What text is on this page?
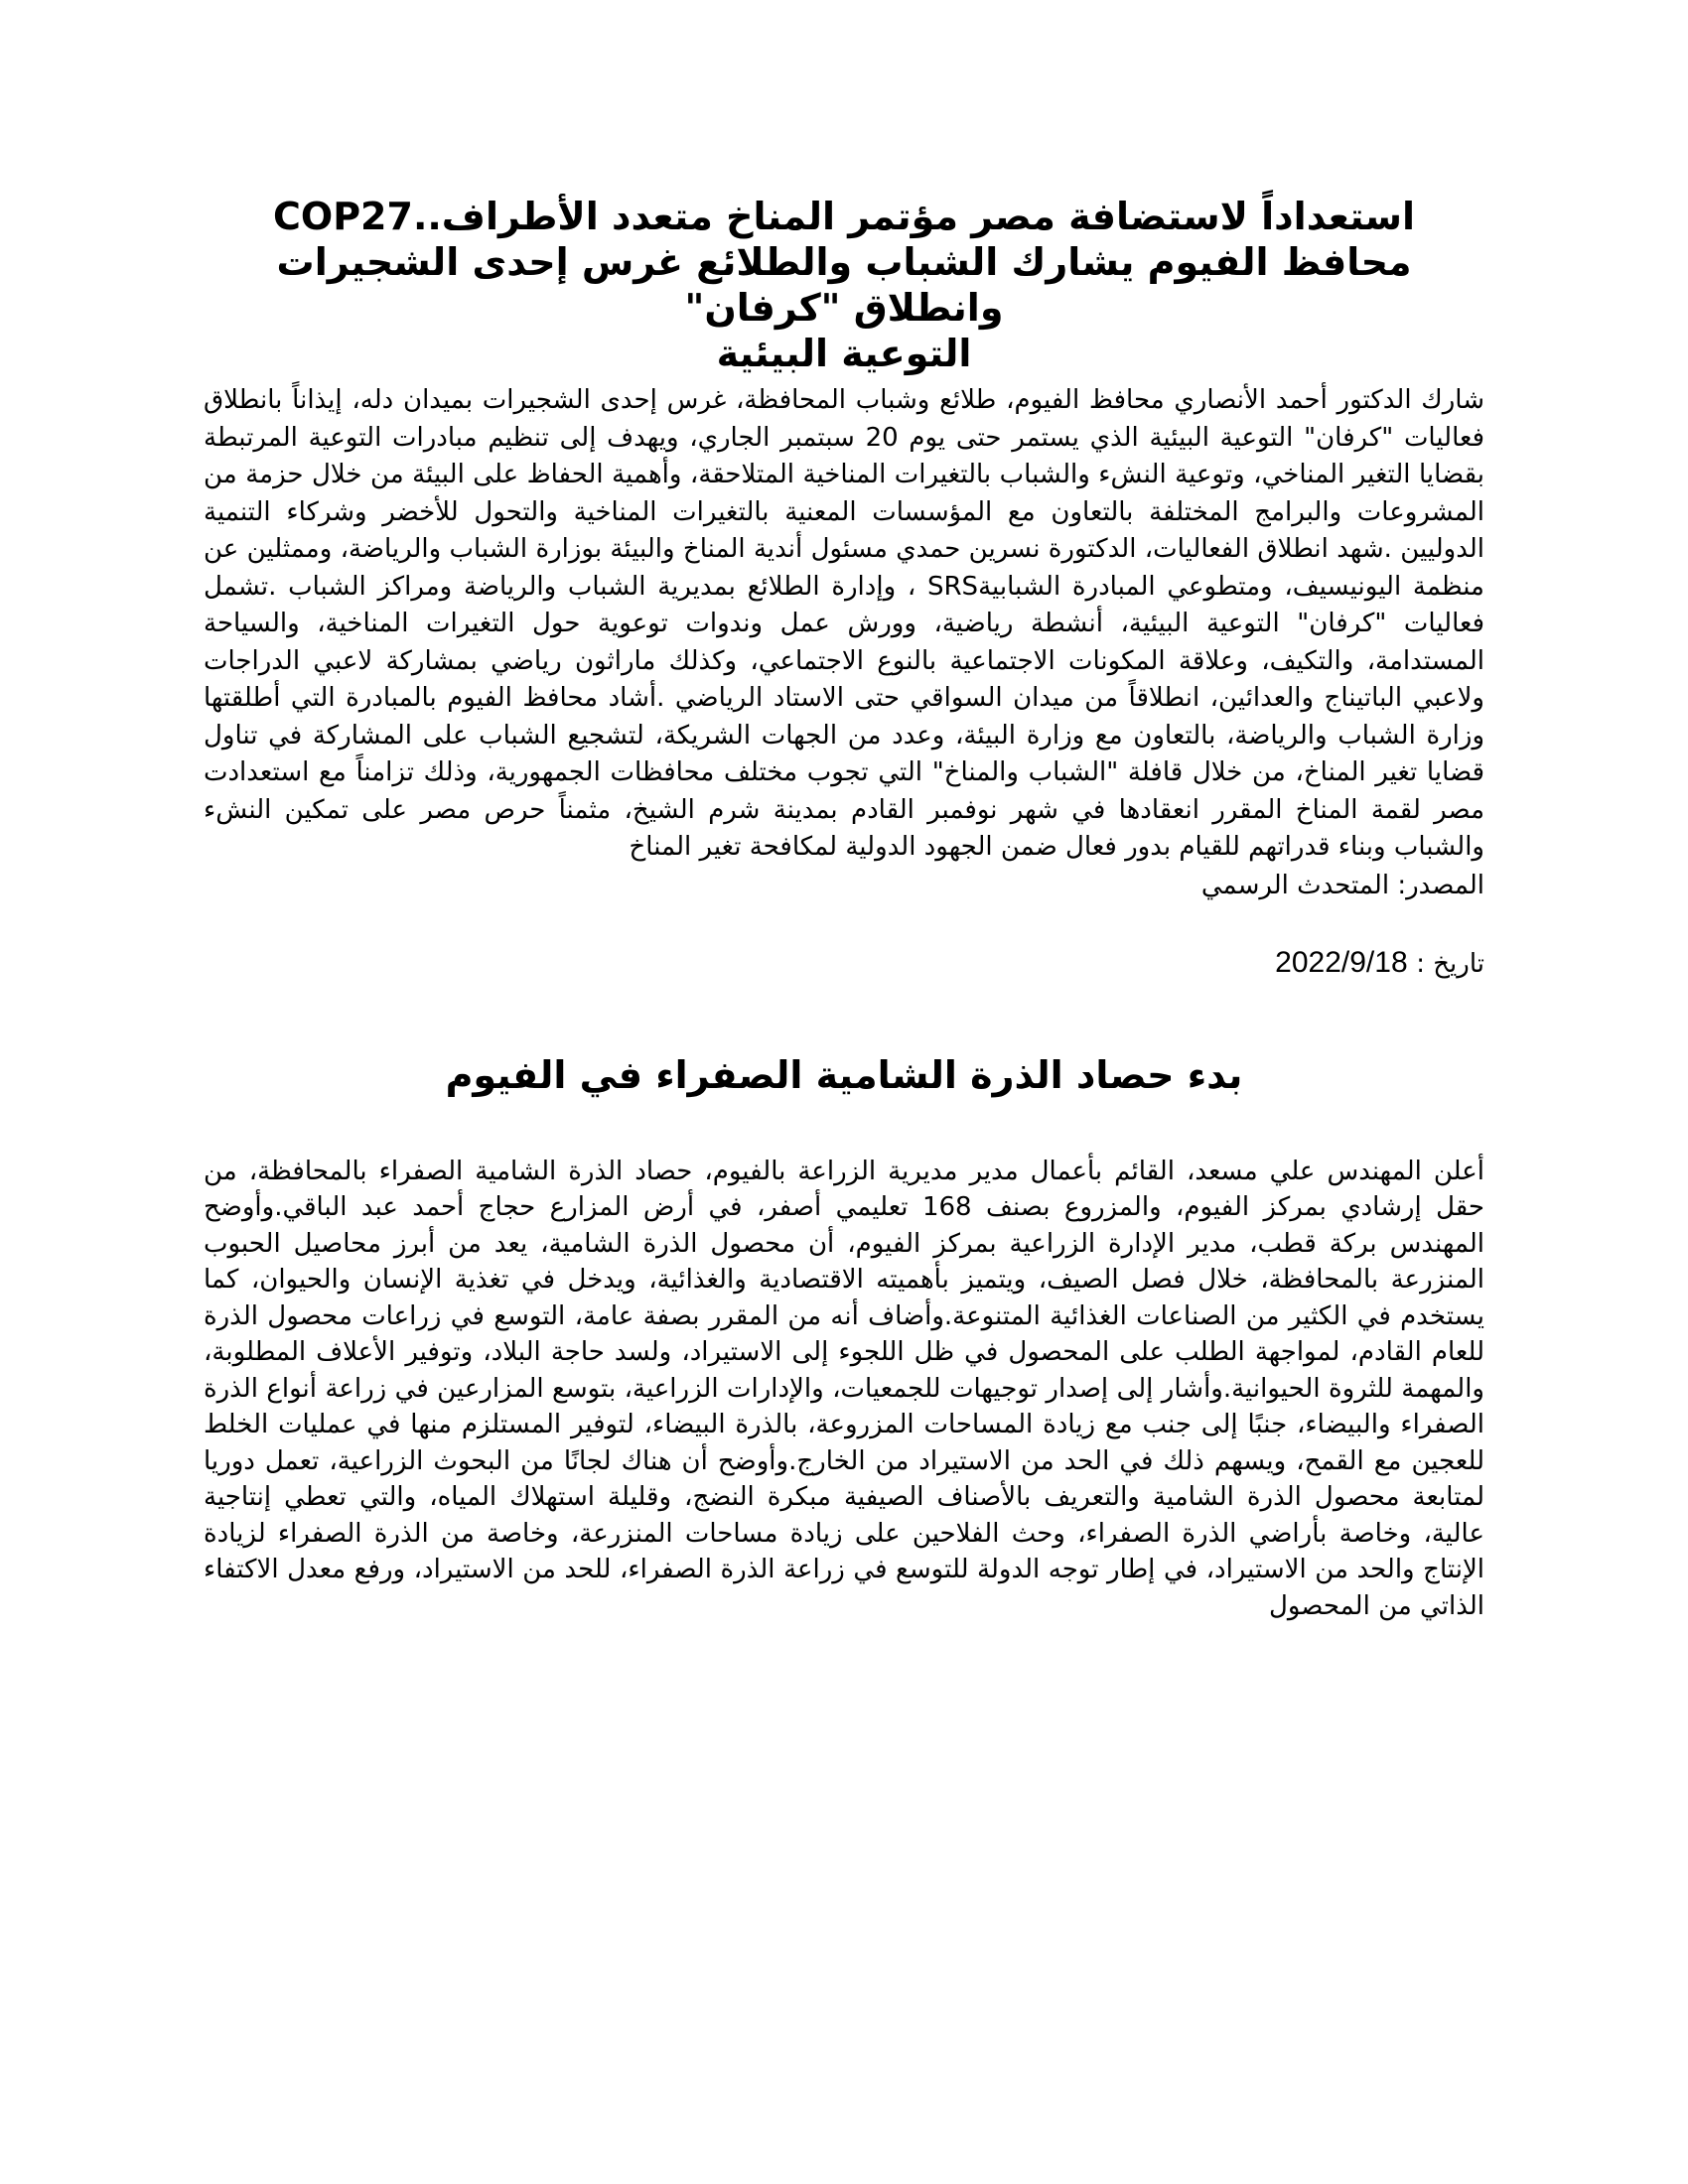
استعداداً لاستضافة مصر مؤتمر المناخ متعدد الأطراف..COP27

محافظ الفيوم يشارك الشباب والطلائع غرس إحدى الشجيرات وانطلاق "كرفان"

التوعية البيئية

شارك الدكتور أحمد الأنصاري محافظ الفيوم، طلائع وشباب المحافظة، غرس إحدى الشجيرات بميدان دله، إيذاناً بانطلاق فعاليات "كرفان" التوعية البيئية الذي يستمر حتى يوم 20 سبتمبر الجاري، ويهدف إلى تنظيم مبادرات التوعية المرتبطة بقضايا التغير المناخي، وتوعية النشء والشباب بالتغيرات المناخية المتلاحقة، وأهمية الحفاظ على البيئة من خلال حزمة من المشروعات والبرامج المختلفة بالتعاون مع المؤسسات المعنية بالتغيرات المناخية والتحول للأخضر وشركاء التنمية الدوليين .شهد انطلاق الفعاليات، الدكتورة نسرين حمدي مسئول أندية المناخ والبيئة بوزارة الشباب والرياضة، وممثلين عن منظمة اليونيسيف، ومتطوعي المبادرة الشبابيةSRS ، وإدارة الطلائع بمديرية الشباب والرياضة ومراكز الشباب .تشمل فعاليات "كرفان" التوعية البيئية، أنشطة رياضية، وورش عمل وندوات توعوية حول التغيرات المناخية، والسياحة المستدامة، والتكيف، وعلاقة المكونات الاجتماعية بالنوع الاجتماعي، وكذلك ماراثون رياضي بمشاركة لاعبي الدراجات ولاعبي الباتيناج والعدائين، انطلاقاً من ميدان السواقي حتى الاستاد الرياضي .أشاد محافظ الفيوم بالمبادرة التي أطلقتها وزارة الشباب والرياضة، بالتعاون مع وزارة البيئة، وعدد من الجهات الشريكة، لتشجيع الشباب على المشاركة في تناول قضايا تغير المناخ، من خلال قافلة "الشباب والمناخ" التي تجوب مختلف محافظات الجمهورية، وذلك تزامناً مع استعدادت مصر لقمة المناخ المقرر انعقادها في شهر نوفمبر القادم بمدينة شرم الشيخ، مثمناً حرص مصر على تمكين النشء والشباب وبناء قدراتهم للقيام بدور فعال ضمن الجهود الدولية لمكافحة تغير المناخ

المصدر: المتحدث الرسمي

تاريخ : 2022/9/18

بدء حصاد الذرة الشامية الصفراء في الفيوم

أعلن المهندس علي مسعد، القائم بأعمال مدير مديرية الزراعة بالفيوم، حصاد الذرة الشامية الصفراء بالمحافظة، من حقل إرشادي بمركز الفيوم، والمزروع بصنف 168 تعليمي أصفر، في أرض المزارع حجاج أحمد عبد الباقي.وأوضح المهندس بركة قطب، مدير الإدارة الزراعية بمركز الفيوم، أن محصول الذرة الشامية، يعد من أبرز محاصيل الحبوب المنزرعة بالمحافظة، خلال فصل الصيف، ويتميز بأهميته الاقتصادية والغذائية، ويدخل في تغذية الإنسان والحيوان، كما يستخدم في الكثير من الصناعات الغذائية المتنوعة.وأضاف أنه من المقرر بصفة عامة، التوسع في زراعات محصول الذرة للعام القادم، لمواجهة الطلب على المحصول في ظل اللجوء إلى الاستيراد، ولسد حاجة البلاد، وتوفير الأعلاف المطلوبة، والمهمة للثروة الحيوانية.وأشار إلى إصدار توجيهات للجمعيات، والإدارات الزراعية، بتوسع المزارعين في زراعة أنواع الذرة الصفراء والبيضاء، جنبًا إلى جنب مع زيادة المساحات المزروعة، بالذرة البيضاء، لتوفير المستلزم منها في عمليات الخلط للعجين مع القمح، ويسهم ذلك في الحد من الاستيراد من الخارج.وأوضح أن هناك لجانًا من البحوث الزراعية، تعمل دوريا لمتابعة محصول الذرة الشامية والتعريف بالأصناف الصيفية مبكرة النضج، وقليلة استهلاك المياه، والتي تعطي إنتاجية عالية، وخاصة بأراضي الذرة الصفراء، وحث الفلاحين على زيادة مساحات المنزرعة، وخاصة من الذرة الصفراء لزيادة الإنتاج والحد من الاستيراد، في إطار توجه الدولة للتوسع في زراعة الذرة الصفراء، للحد من الاستيراد، ورفع معدل الاكتفاء الذاتي من المحصول
